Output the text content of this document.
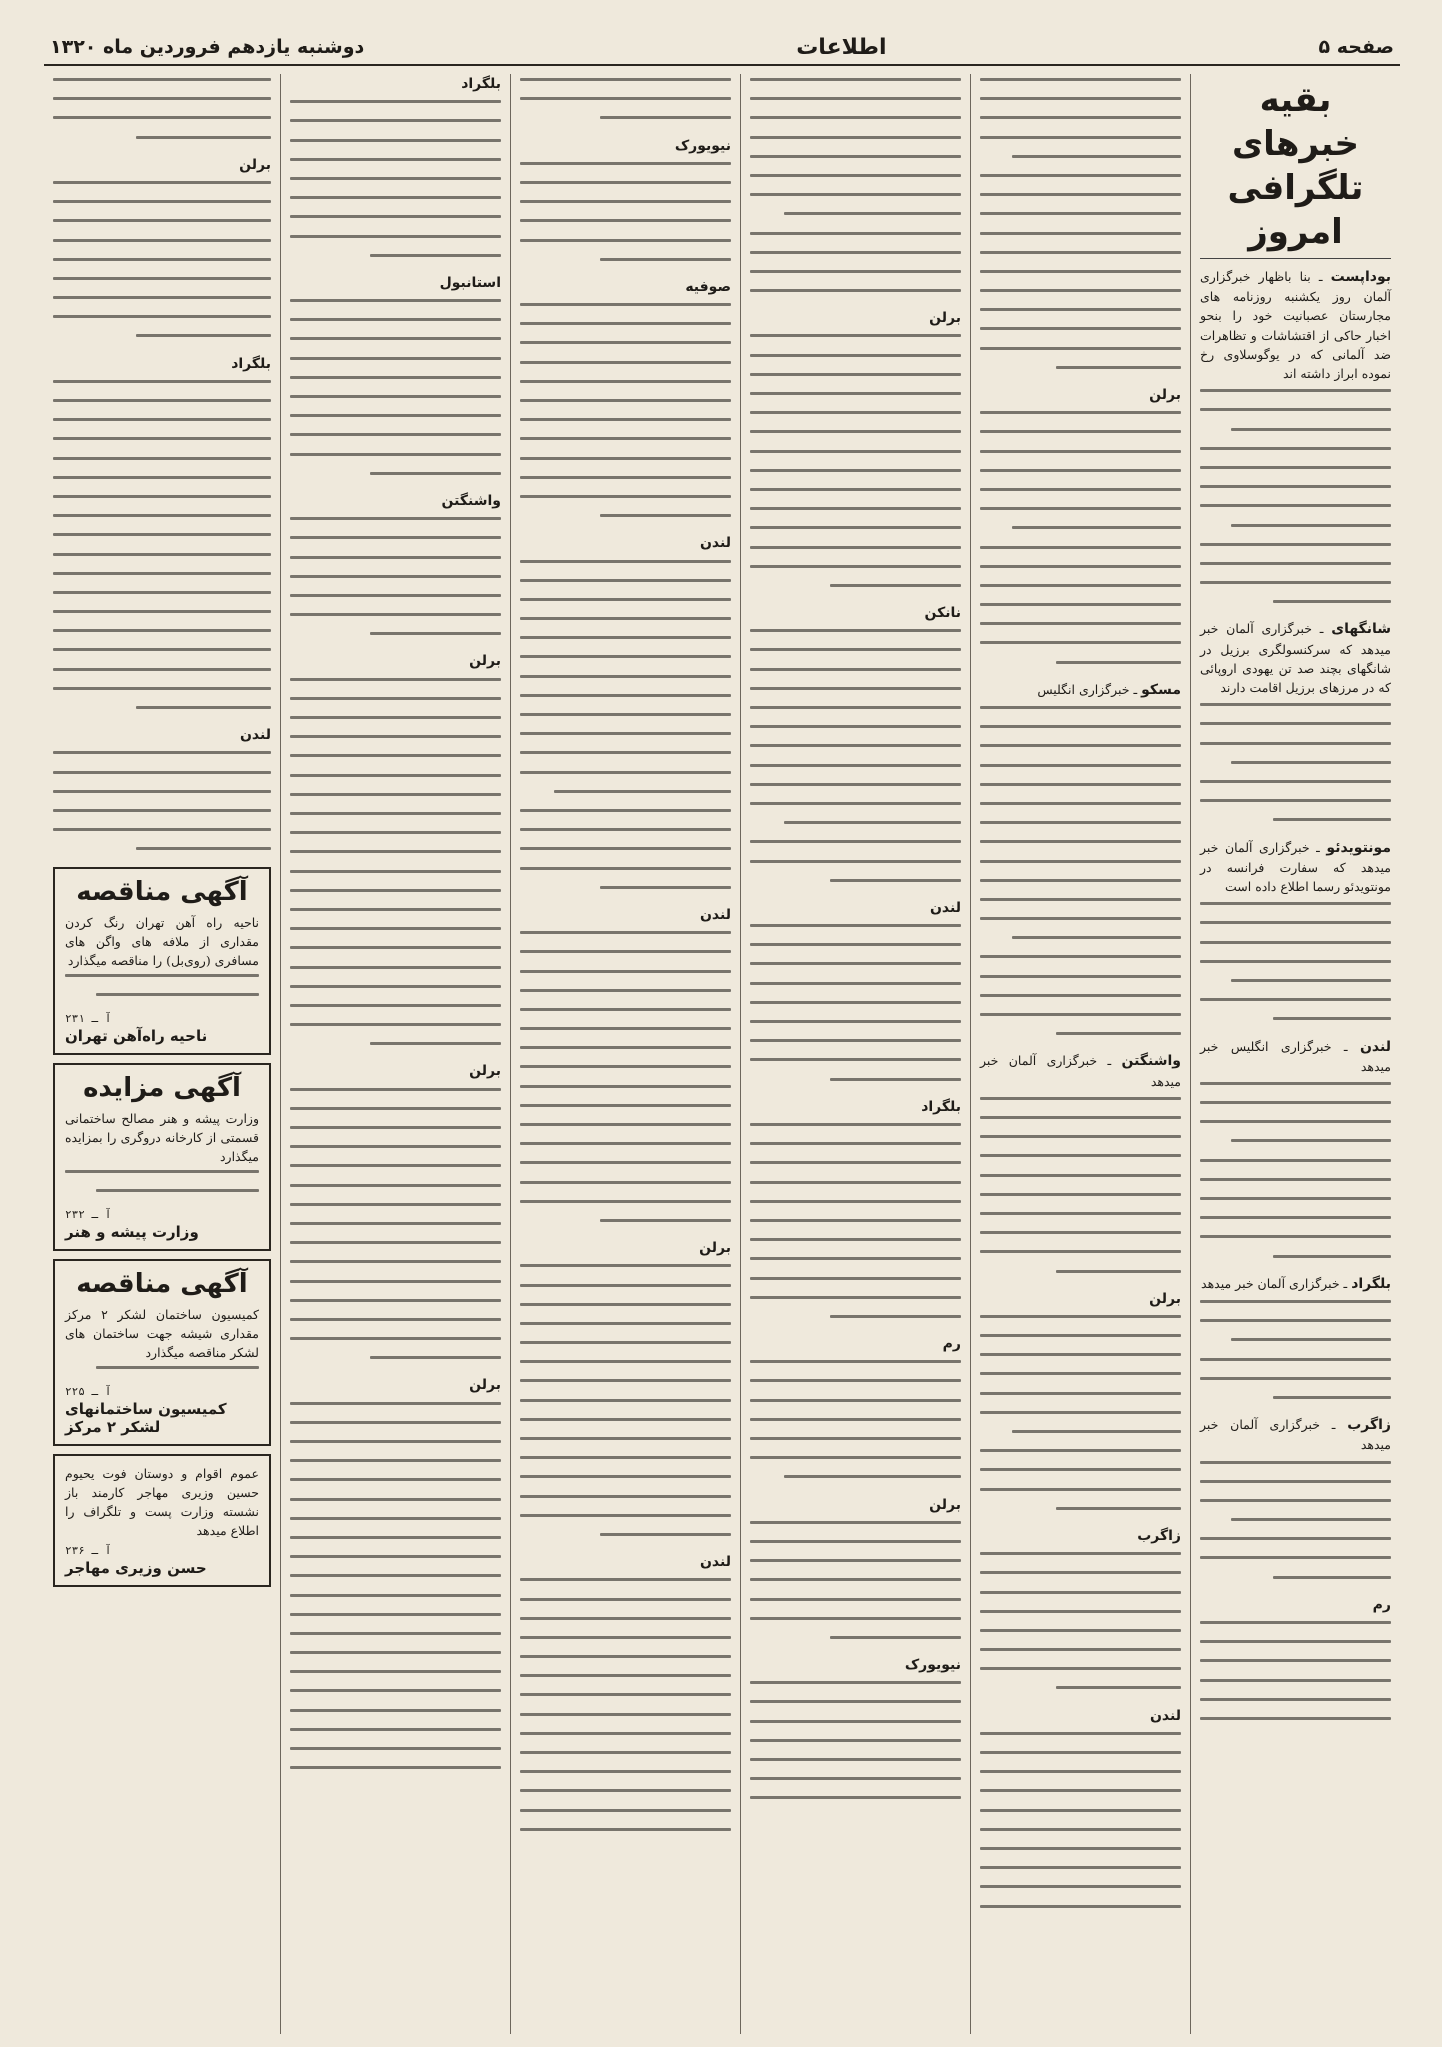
صفحه ۵
اطلاعات
دوشنبه یازدهم فروردین ماه ۱۳۲۰
بقیه خبرهای تلگرافی امروز

بوداپست ـ بنا باظهار خبرگزاری آلمان روز یکشنبه روزنامه های مجارستان عصبانیت خود را بنحو اخبار حاکی از اقتشاشات و تظاهرات ضد آلمانی که در یوگوسلاوی رخ نموده ابراز داشته اند

شانگهای ـ خبرگزاری آلمان خبر میدهد که سرکنسولگری برزیل در شانگهای بچند صد تن یهودی اروپائی که در مرزهای برزیل اقامت دارند

مونتویدئو ـ خبرگزاری آلمان خبر میدهد که سفارت فرانسه در مونتویدئو رسما اطلاع داده است

لندن ـ خبرگزاری انگلیس خبر میدهد

بلگراد ـ خبرگزاری آلمان خبر میدهد

زاگرب ـ خبرگزاری آلمان خبر میدهد

رم

برلن

مسکو ـ خبرگزاری انگلیس

واشنگتن ـ خبرگزاری آلمان خبر میدهد

برلن

زاگرب

لندن

برلن

نانکن

لندن

بلگراد

رم

برلن

نیویورک

نیویورک

صوفیه

لندن

لندن

برلن

لندن

بلگراد

استانبول

واشنگتن

برلن

برلن

برلن

برلن

بلگراد

لندن

آگهی مناقصه

ناحیه راه آهن تهران رنگ کردن مقداری از ملافه های واگن های مسافری (روی‌بل) را مناقصه میگذارد

آ ـ ۲۳۱
ناحیه راه‌آهن تهران
آگهی مزایده

وزارت پیشه و هنر مصالح ساختمانی قسمتی از کارخانه دروگری را بمزایده میگذارد

آ ـ ۲۳۲
وزارت پیشه و هنر
آگهی مناقصه

کمیسیون ساختمان لشکر ۲ مرکز مقداری شیشه جهت ساختمان های لشکر مناقصه میگذارد

آ ـ ۲۲۵
کمیسیون ساختمانهای لشکر ۲ مرکز

عموم اقوام و دوستان فوت یحیوم حسین وزیری مهاجر کارمند باز نشسته وزارت پست و تلگراف را اطلاع میدهد

آ ـ ۲۳۶
حسن وزیری مهاجر
